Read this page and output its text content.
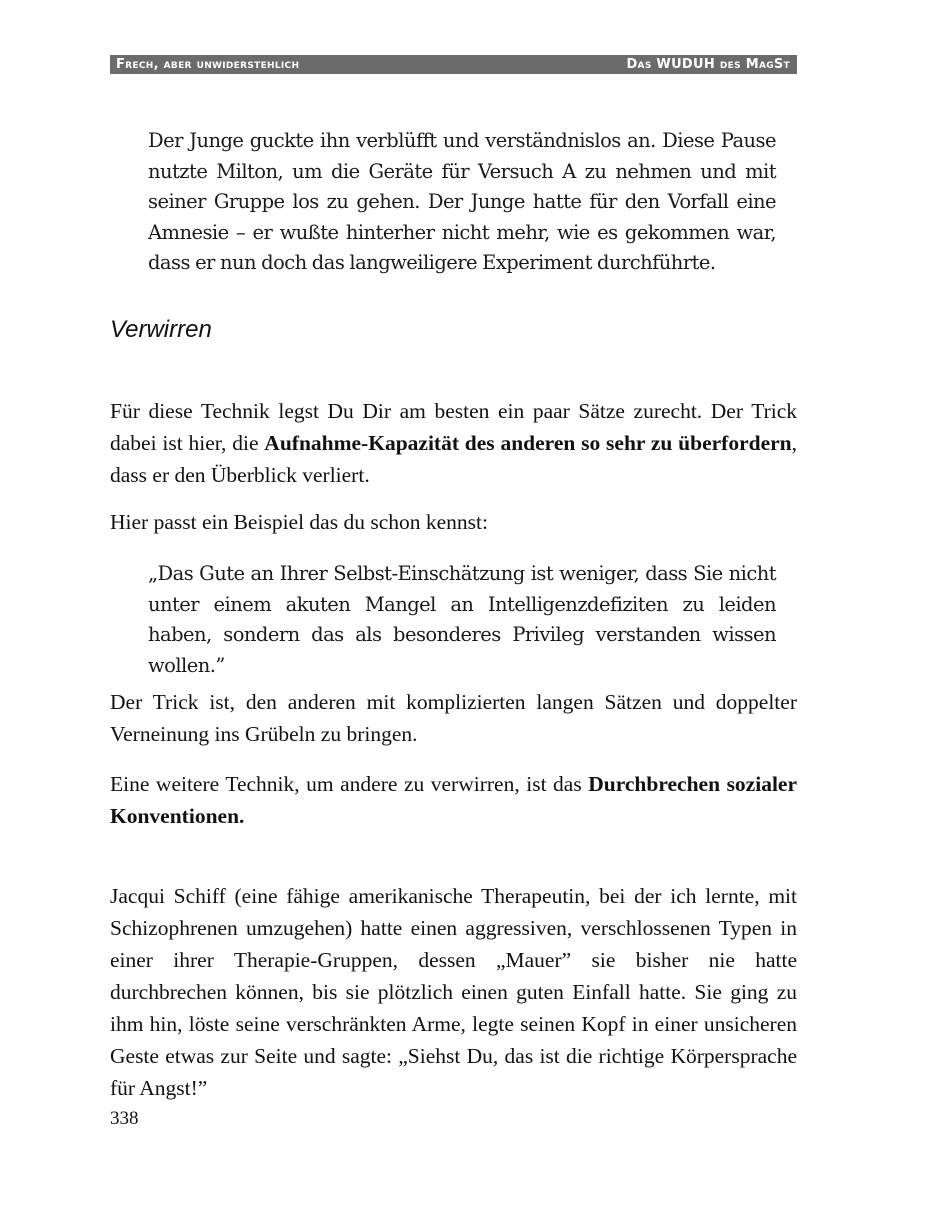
Frech, aber unwiderstehlich	Das WUDUH des MagSt
Der Junge guckte ihn verblüfft und verständnislos an. Diese Pause nutzte Milton, um die Geräte für Versuch A zu nehmen und mit seiner Gruppe los zu gehen. Der Junge hatte für den Vorfall eine Amnesie – er wußte hinterher nicht mehr, wie es gekommen war, dass er nun doch das langweiligere Experiment durchführte.
Verwirren

Für diese Technik legst Du Dir am besten ein paar Sätze zurecht. Der Trick dabei ist hier, die Aufnahme-Kapazität des anderen so sehr zu überfordern, dass er den Überblick verliert.

Hier passt ein Beispiel das du schon kennst:

„Das Gute an Ihrer Selbst-Einschätzung ist weniger, dass Sie nicht unter einem akuten Mangel an Intelligenzdefiziten zu leiden haben, sondern das als besonderes Privileg verstanden wissen wollen.”

Der Trick ist, den anderen mit komplizierten langen Sätzen und doppelter Verneinung ins Grübeln zu bringen.

Eine weitere Technik, um andere zu verwirren, ist das Durchbrechen sozialer Konventionen.

Jacqui Schiff (eine fähige amerikanische Therapeutin, bei der ich lernte, mit Schizophrenen umzugehen) hatte einen aggressiven, verschlossenen Typen in einer ihrer Therapie-Gruppen, dessen „Mauer” sie bisher nie hatte durchbrechen können, bis sie plötzlich einen guten Einfall hatte. Sie ging zu ihm hin, löste seine verschränkten Arme, legte seinen Kopf in einer unsicheren Geste etwas zur Seite und sagte: „Siehst Du, das ist die richtige Körpersprache für Angst!”

338
